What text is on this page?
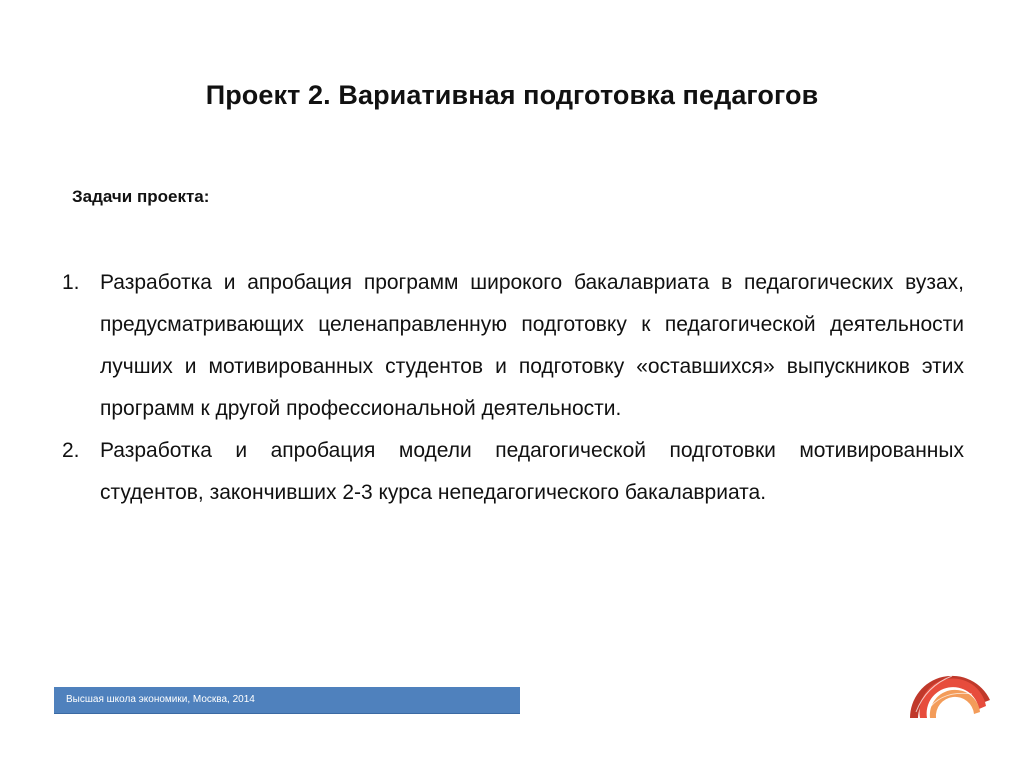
Проект 2. Вариативная подготовка педагогов
Задачи проекта:
1. Разработка и апробация программ широкого бакалавриата в педагогических вузах, предусматривающих целенаправленную подготовку к педагогической деятельности лучших и мотивированных студентов и подготовку «оставшихся» выпускников этих программ к другой профессиональной деятельности.
2. Разработка и апробация модели педагогической подготовки мотивированных студентов, закончивших 2-3 курса непедагогического бакалавриата.
Высшая школа экономики, Москва, 2014
